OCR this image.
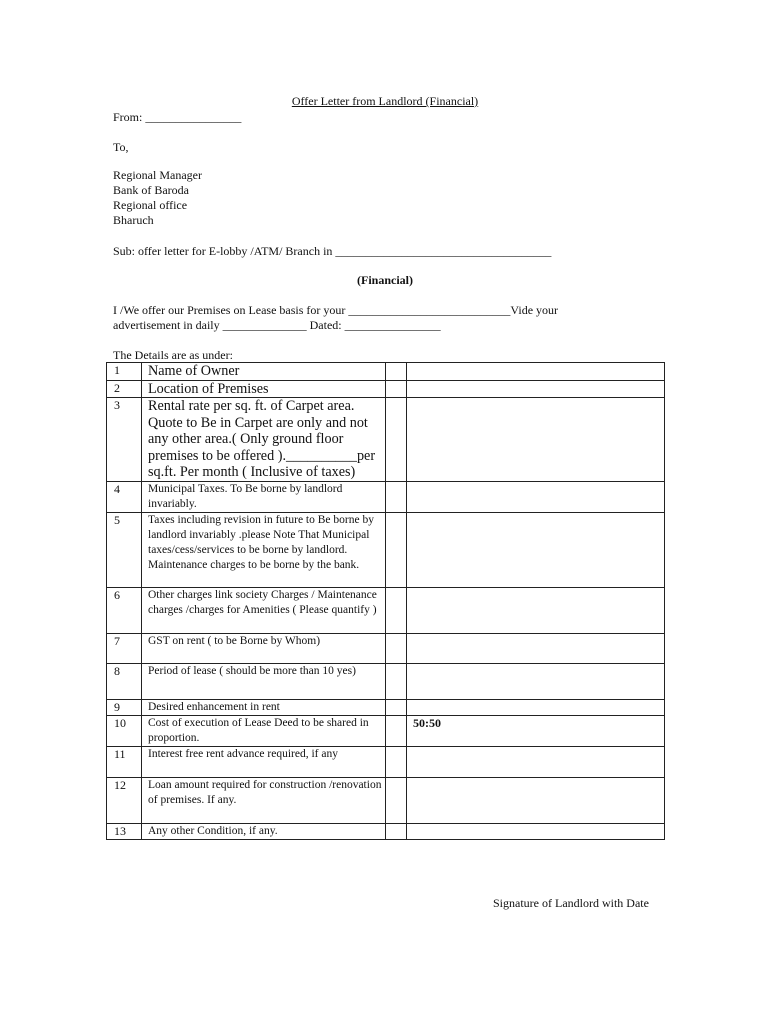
Offer Letter from Landlord (Financial)
From: ________________
To,
Regional Manager
Bank of Baroda
Regional office
Bharuch
Sub: offer letter for E-lobby /ATM/ Branch in ____________________________________
(Financial)
I /We offer our Premises on Lease basis for your ___________________________Vide your
advertisement in daily ______________ Dated: ________________
The Details are as under:
1	Name of Owner		
2	Location of Premises		
3	Rental rate per sq. ft. of Carpet area. Quote to Be in Carpet are only and not any other area.( Only ground floor premises to be offered ).__________per sq.ft. Per month ( Inclusive of taxes)		
4	Municipal Taxes. To Be borne by landlord invariably.		
5	Taxes including revision in future to Be borne by landlord invariably .please Note That Municipal taxes/cess/services to be borne by landlord. Maintenance charges to be borne by the bank.		
6	Other charges link society Charges / Maintenance charges /charges for Amenities ( Please quantify )		
7	GST on rent ( to be Borne by Whom)		
8	Period of lease ( should be more than 10 yes)		
9	Desired enhancement in rent		
10	Cost of execution of Lease Deed to be shared in proportion.		50:50
11	Interest free rent advance required, if any		
12	Loan amount required for construction /renovation of premises. If any.		
13	Any other Condition, if any.		
Signature of Landlord with Date
